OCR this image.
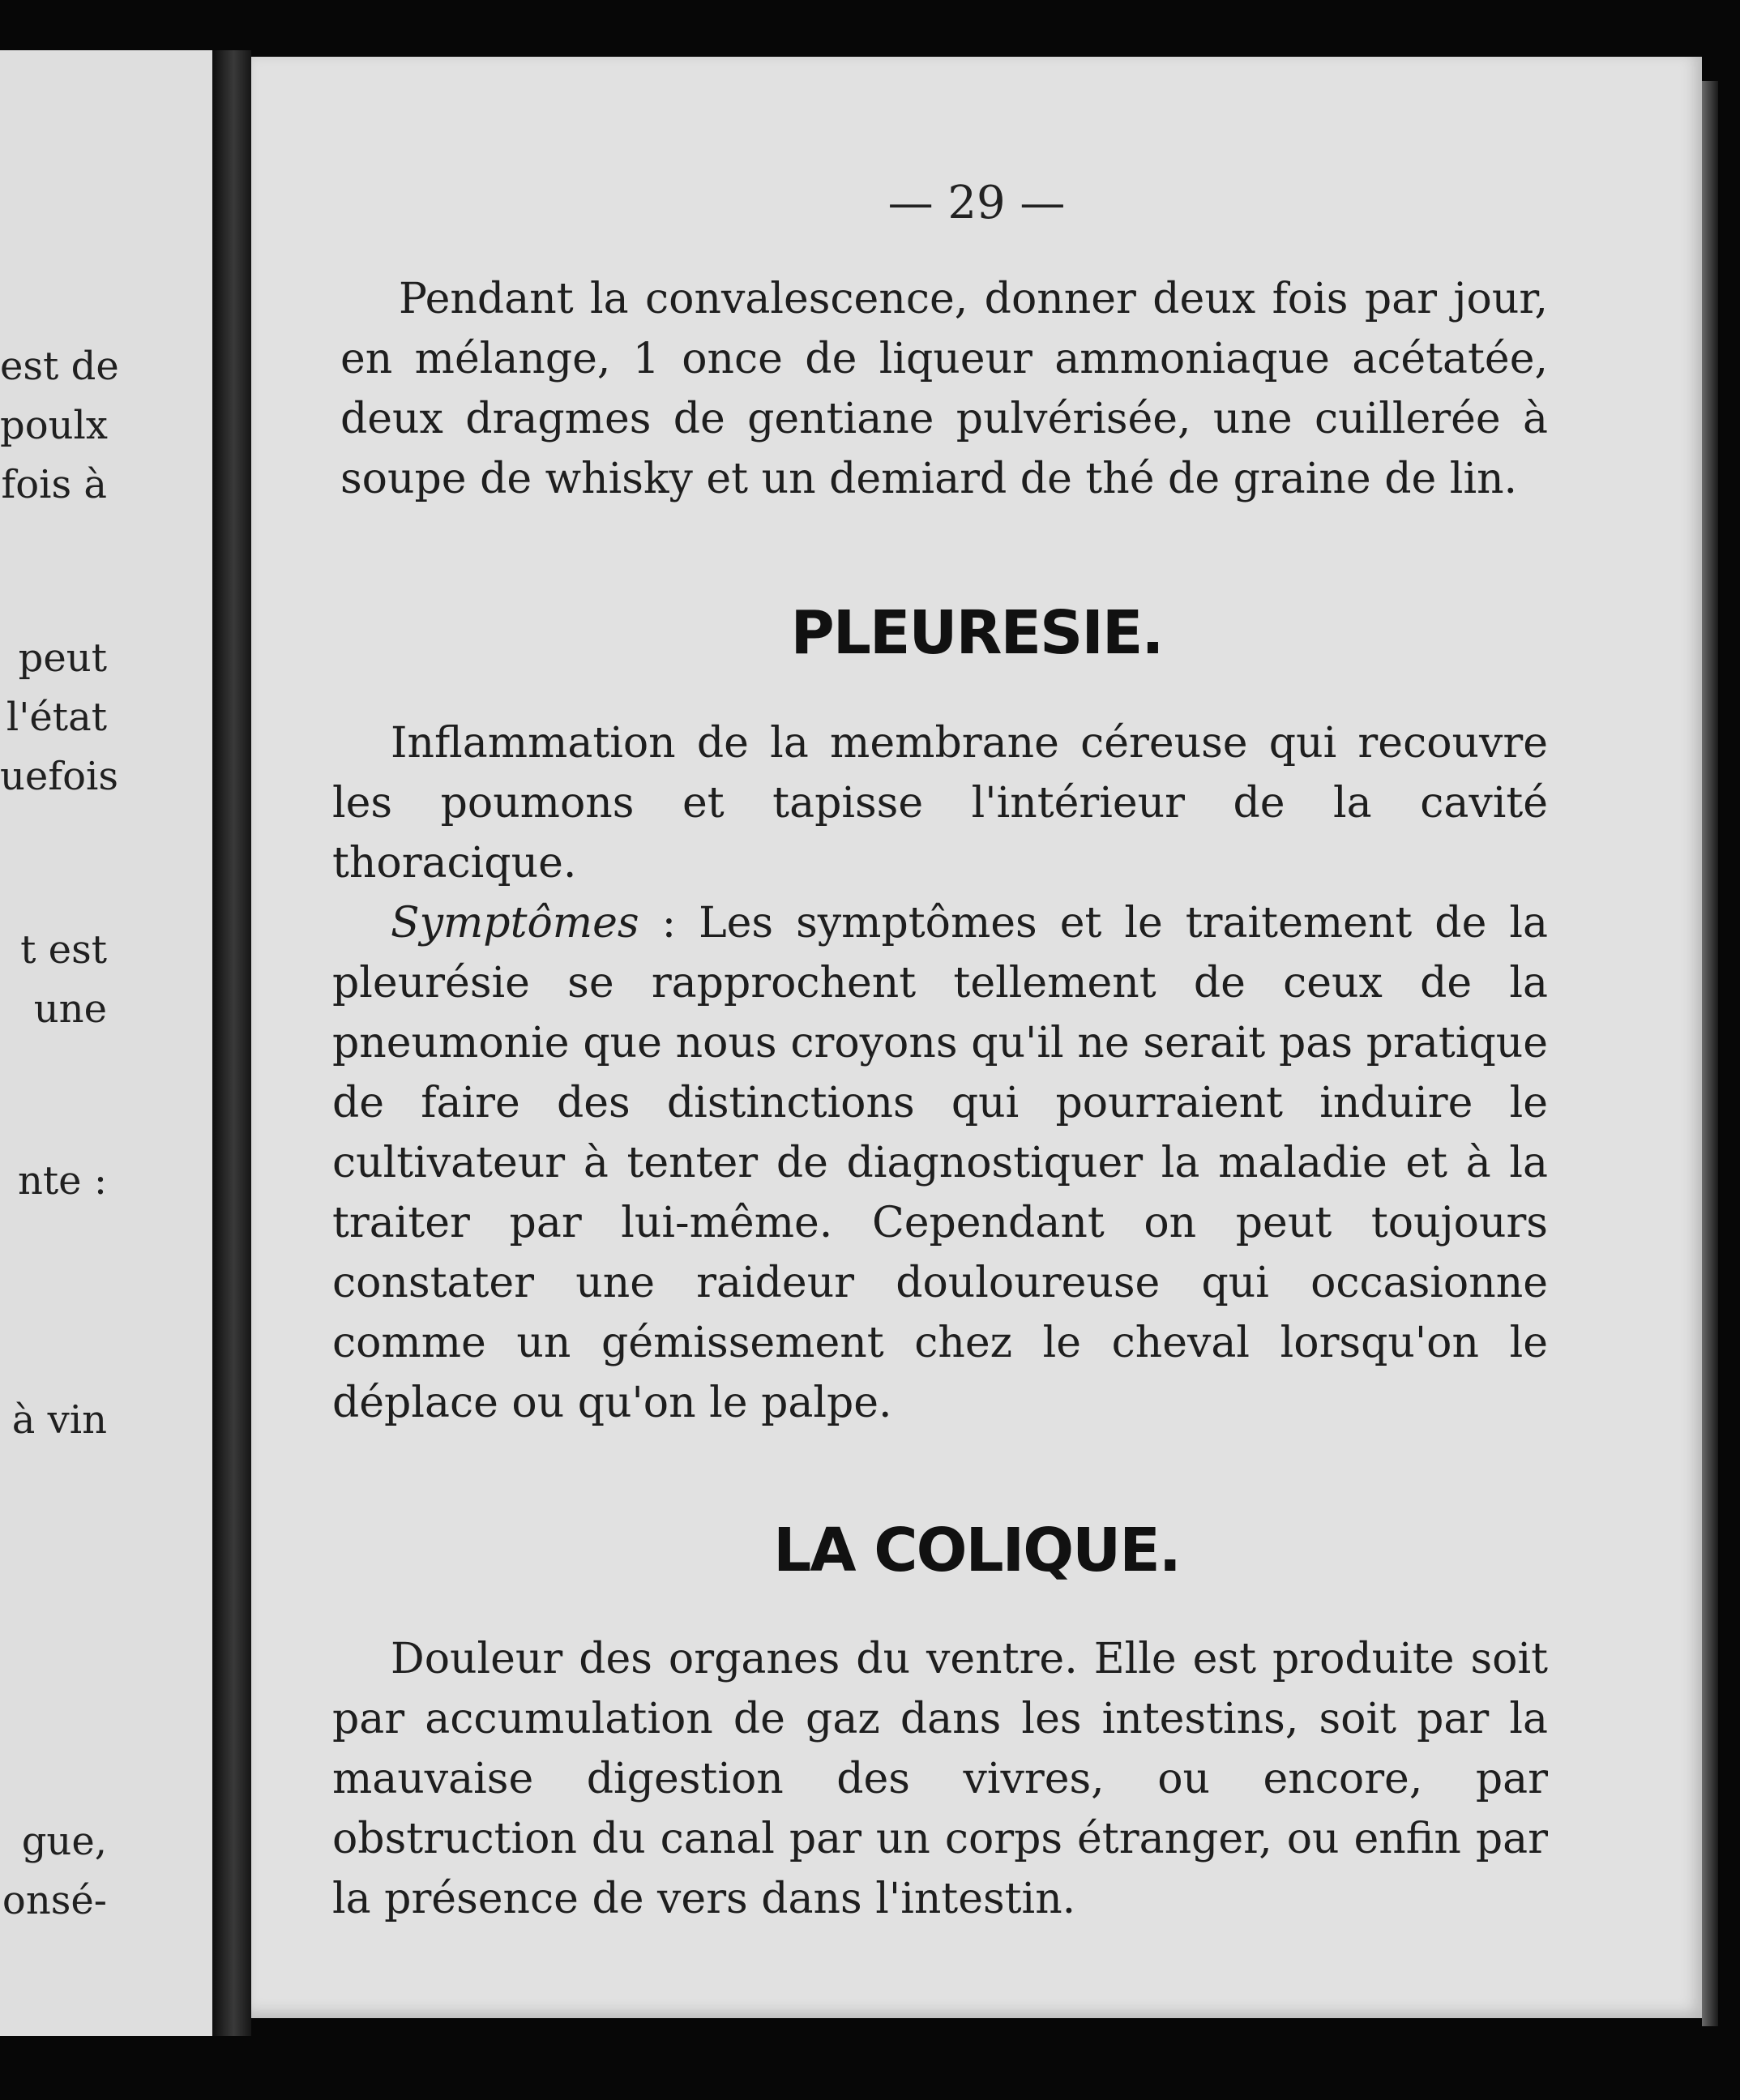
est de
poulx
fois à
peut
l'état
uefois
t est
une
nte :
à vin
gue,
onsé-
— 29 —

Pendant la convalescence, donner deux fois par jour, en mélange, 1 once de liqueur ammoniaque acétatée, deux dragmes de gentiane pulvérisée, une cuillerée à soupe de whisky et un demiard de thé de graine de lin.

PLEURESIE.

Inflammation de la membrane céreuse qui recouvre les poumons et tapisse l'intérieur de la cavité thoracique.

Symptômes : Les symptômes et le traitement de la pleurésie se rapprochent tellement de ceux de la pneumonie que nous croyons qu'il ne serait pas pratique de faire des distinctions qui pourraient induire le cultivateur à tenter de diagnostiquer la maladie et à la traiter par lui-même. Cependant on peut toujours constater une raideur douloureuse qui occasionne comme un gémissement chez le cheval lorsqu'on le déplace ou qu'on le palpe.

LA COLIQUE.

Douleur des organes du ventre. Elle est produite soit par accumulation de gaz dans les intestins, soit par la mauvaise digestion des vivres, ou encore, par obstruction du canal par un corps étranger, ou enfin par la présence de vers dans l'intestin.
